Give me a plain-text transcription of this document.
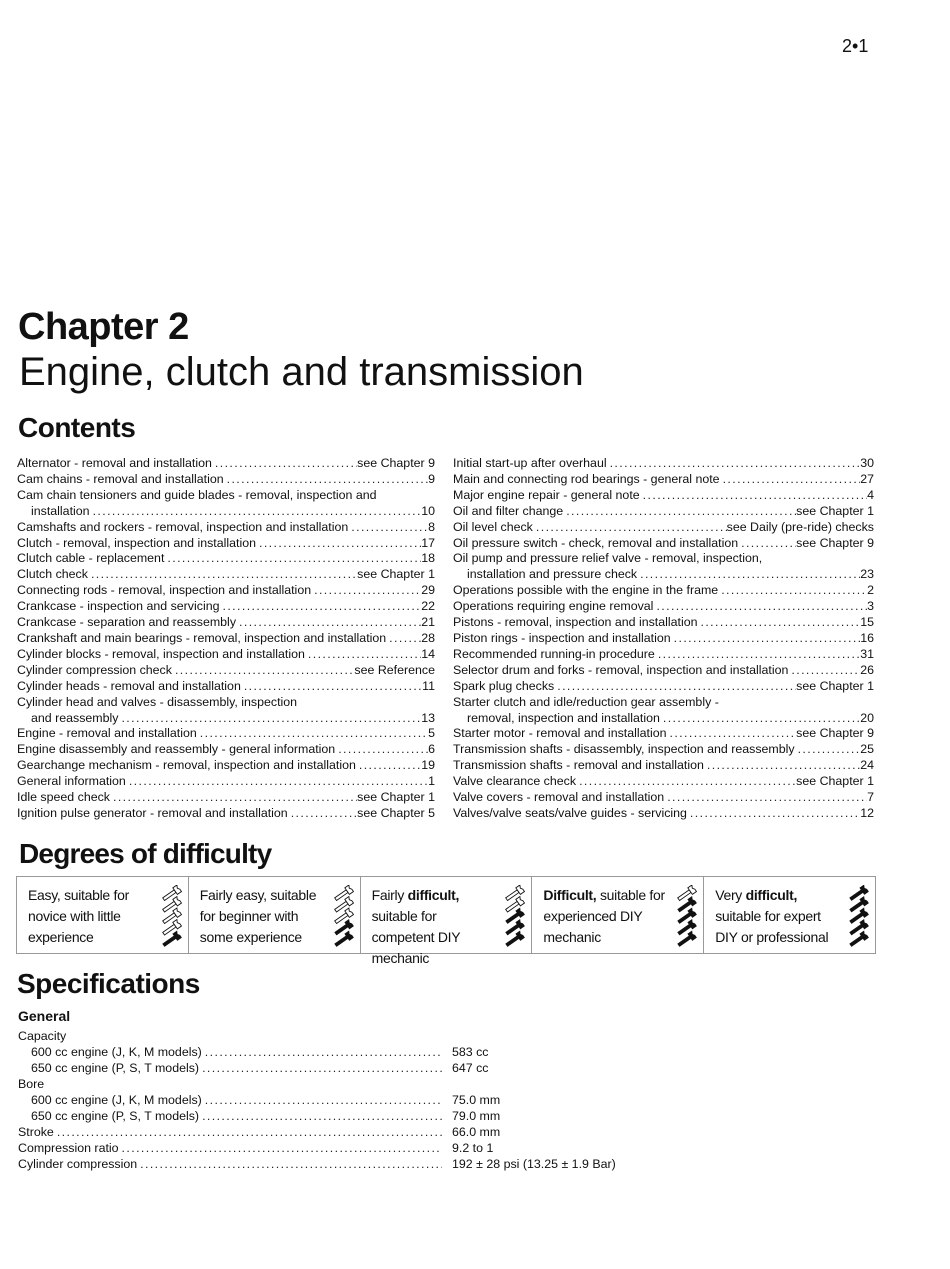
2•1
Chapter 2
Engine, clutch and transmission
Contents
Alternator - removal and installation .....	see Chapter 9
Cam chains - removal and installation .....	9
Cam chain tensioners and guide blades - removal, inspection and
installation .....	10
Camshafts and rockers - removal, inspection and installation .....	8
Clutch - removal, inspection and installation .....	17
Clutch cable - replacement .....	18
Clutch check .....	see Chapter 1
Connecting rods - removal, inspection and installation .....	29
Crankcase - inspection and servicing .....	22
Crankcase - separation and reassembly .....	21
Crankshaft and main bearings - removal, inspection and installation .....	28
Cylinder blocks - removal, inspection and installation .....	14
Cylinder compression check .....	see Reference
Cylinder heads - removal and installation .....	11
Cylinder head and valves - disassembly, inspection
and reassembly .....	13
Engine - removal and installation .....	5
Engine disassembly and reassembly - general information .....	6
Gearchange mechanism - removal, inspection and installation .....	19
General information .....	1
Idle speed check .....	see Chapter 1
Ignition pulse generator - removal and installation .....	see Chapter 5
Initial start-up after overhaul .....	30
Main and connecting rod bearings - general note .....	27
Major engine repair - general note .....	4
Oil and filter change .....	see Chapter 1
Oil level check .....	see Daily (pre-ride) checks
Oil pressure switch - check, removal and installation .....	see Chapter 9
Oil pump and pressure relief valve - removal, inspection,
installation and pressure check .....	23
Operations possible with the engine in the frame .....	2
Operations requiring engine removal .....	3
Pistons - removal, inspection and installation .....	15
Piston rings - inspection and installation .....	16
Recommended running-in procedure .....	31
Selector drum and forks - removal, inspection and installation .....	26
Spark plug checks .....	see Chapter 1
Starter clutch and idle/reduction gear assembly -
removal, inspection and installation .....	20
Starter motor - removal and installation .....	see Chapter 9
Transmission shafts - disassembly, inspection and reassembly .....	25
Transmission shafts - removal and installation .....	24
Valve clearance check .....	see Chapter 1
Valve covers - removal and installation .....	7
Valves/valve seats/valve guides - servicing .....	12
Degrees of difficulty
Easy, suitable for novice with little experience
Fairly easy, suitable for beginner with some experience
Fairly difficult, suitable for competent DIY mechanic
Difficult, suitable for experienced DIY mechanic
Very difficult, suitable for expert DIY or professional
Specifications
General
Capacity
600 cc engine (J, K, M models) .....	583 cc
650 cc engine (P, S, T models) .....	647 cc
Bore
600 cc engine (J, K, M models) .....	75.0 mm
650 cc engine (P, S, T models) .....	79.0 mm
Stroke .....	66.0 mm
Compression ratio .....	9.2 to 1
Cylinder compression .....	192 ± 28 psi (13.25 ± 1.9 Bar)
